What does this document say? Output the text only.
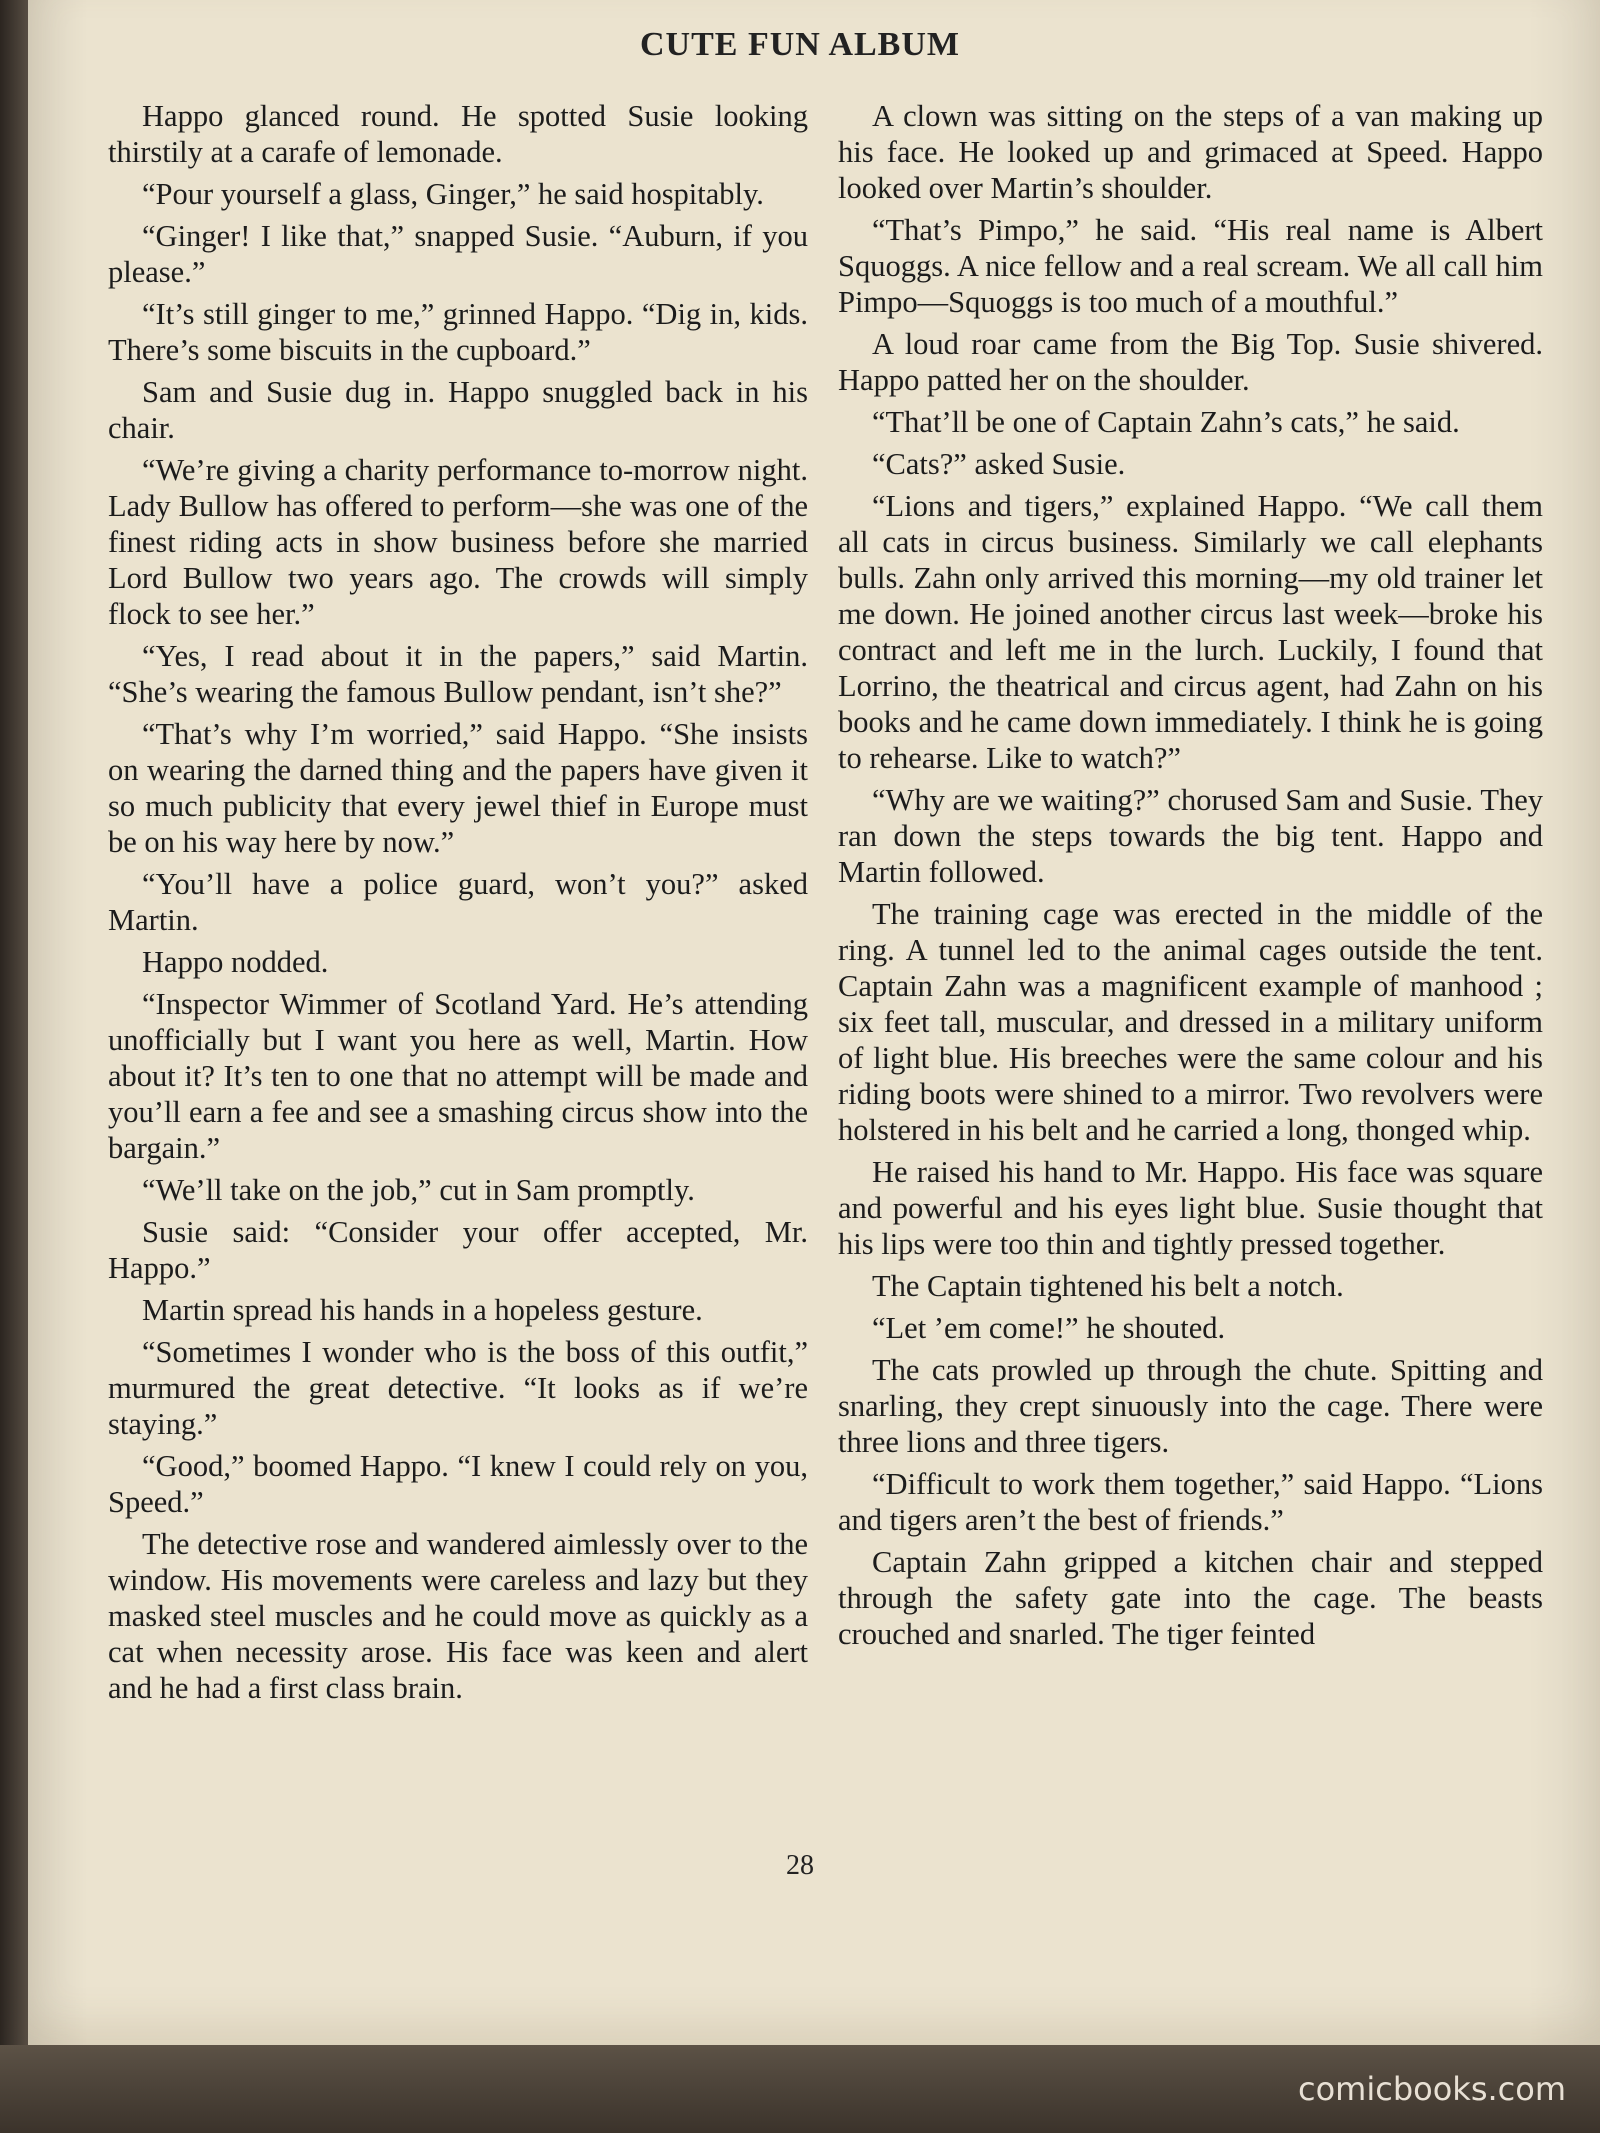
CUTE FUN ALBUM

Happo glanced round. He spotted Susie looking thirstily at a carafe of lemonade.

“Pour yourself a glass, Ginger,” he said hospitably.

“Ginger! I like that,” snapped Susie. “Auburn, if you please.”

“It’s still ginger to me,” grinned Happo. “Dig in, kids. There’s some biscuits in the cupboard.”

Sam and Susie dug in. Happo snuggled back in his chair.

“We’re giving a charity performance to-morrow night. Lady Bullow has offered to perform—she was one of the finest riding acts in show business before she married Lord Bullow two years ago. The crowds will simply flock to see her.”

“Yes, I read about it in the papers,” said Martin. “She’s wearing the famous Bullow pendant, isn’t she?”

“That’s why I’m worried,” said Happo. “She insists on wearing the darned thing and the papers have given it so much publicity that every jewel thief in Europe must be on his way here by now.”

“You’ll have a police guard, won’t you?” asked Martin.

Happo nodded.

“Inspector Wimmer of Scotland Yard. He’s attending unofficially but I want you here as well, Martin. How about it? It’s ten to one that no attempt will be made and you’ll earn a fee and see a smashing circus show into the bargain.”

“We’ll take on the job,” cut in Sam promptly.

Susie said: “Consider your offer accepted, Mr. Happo.”

Martin spread his hands in a hopeless gesture.

“Sometimes I wonder who is the boss of this outfit,” murmured the great detective. “It looks as if we’re staying.”

“Good,” boomed Happo. “I knew I could rely on you, Speed.”

The detective rose and wandered aimlessly over to the window. His movements were careless and lazy but they masked steel muscles and he could move as quickly as a cat when necessity arose. His face was keen and alert and he had a first class brain.

A clown was sitting on the steps of a van making up his face. He looked up and grimaced at Speed. Happo looked over Martin’s shoulder.

“That’s Pimpo,” he said. “His real name is Albert Squoggs. A nice fellow and a real scream. We all call him Pimpo—Squoggs is too much of a mouthful.”

A loud roar came from the Big Top. Susie shivered. Happo patted her on the shoulder.

“That’ll be one of Captain Zahn’s cats,” he said.

“Cats?” asked Susie.

“Lions and tigers,” explained Happo. “We call them all cats in circus business. Similarly we call elephants bulls. Zahn only arrived this morning—my old trainer let me down. He joined another circus last week—broke his contract and left me in the lurch. Luckily, I found that Lorrino, the theatrical and circus agent, had Zahn on his books and he came down immediately. I think he is going to rehearse. Like to watch?”

“Why are we waiting?” chorused Sam and Susie. They ran down the steps towards the big tent. Happo and Martin followed.

The training cage was erected in the middle of the ring. A tunnel led to the animal cages outside the tent. Captain Zahn was a magnificent example of manhood ; six feet tall, muscular, and dressed in a military uniform of light blue. His breeches were the same colour and his riding boots were shined to a mirror. Two revolvers were holstered in his belt and he carried a long, thonged whip.

He raised his hand to Mr. Happo. His face was square and powerful and his eyes light blue. Susie thought that his lips were too thin and tightly pressed together.

The Captain tightened his belt a notch.

“Let ’em come!” he shouted.

The cats prowled up through the chute. Spitting and snarling, they crept sinuously into the cage. There were three lions and three tigers.

“Difficult to work them together,” said Happo. “Lions and tigers aren’t the best of friends.”

Captain Zahn gripped a kitchen chair and stepped through the safety gate into the cage. The beasts crouched and snarled. The tiger feinted

28
comicbooks.com
